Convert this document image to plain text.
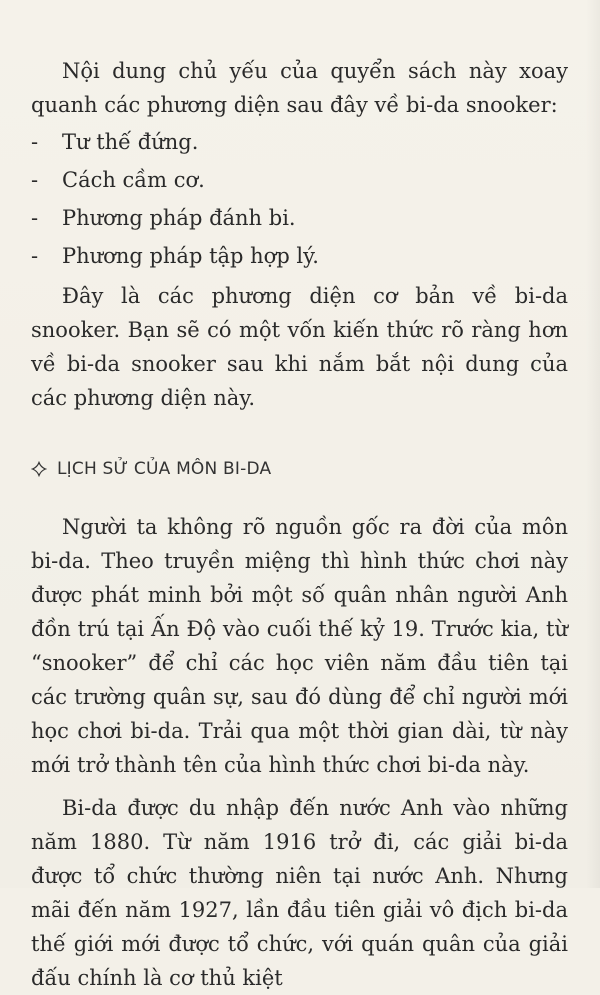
Nội dung chủ yếu của quyển sách này xoay quanh các phương diện sau đây về bi-da snooker:

-	Tư thế đứng.
-	Cách cầm cơ.
-	Phương pháp đánh bi.
-	Phương pháp tập hợp lý.

Đây là các phương diện cơ bản về bi-da snooker. Bạn sẽ có một vốn kiến thức rõ ràng hơn về bi-da snooker sau khi nắm bắt nội dung của các phương diện này.

LỊCH SỬ CỦA MÔN BI-DA

Người ta không rõ nguồn gốc ra đời của môn bi-da. Theo truyền miệng thì hình thức chơi này được phát minh bởi một số quân nhân người Anh đồn trú tại Ấn Độ vào cuối thế kỷ 19. Trước kia, từ “snooker” để chỉ các học viên năm đầu tiên tại các trường quân sự, sau đó dùng để chỉ người mới học chơi bi-da. Trải qua một thời gian dài, từ này mới trở thành tên của hình thức chơi bi-da này.

Bi-da được du nhập đến nước Anh vào những năm 1880. Từ năm 1916 trở đi, các giải bi-da được tổ chức thường niên tại nước Anh. Nhưng mãi đến năm 1927, lần đầu tiên giải vô địch bi-da thế giới mới được tổ chức, với quán quân của giải đấu chính là cơ thủ kiệt
